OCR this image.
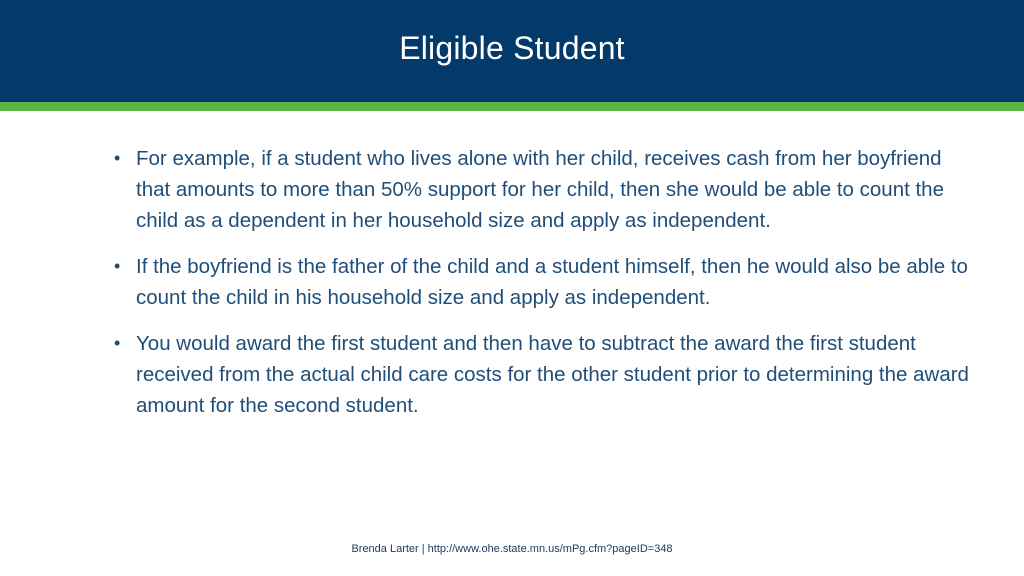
Eligible Student
• For example, if a student who lives alone with her child, receives cash from her boyfriend that amounts to more than 50% support for her child, then she would be able to count the child as a dependent in her household size and apply as independent.
• If the boyfriend is the father of the child and a student himself, then he would also be able to count the child in his household size and apply as independent.
• You would award the first student and then have to subtract the award the first student received from the actual child care costs for the other student prior to determining the award amount for the second student.
Brenda Larter | http://www.ohe.state.mn.us/mPg.cfm?pageID=348
